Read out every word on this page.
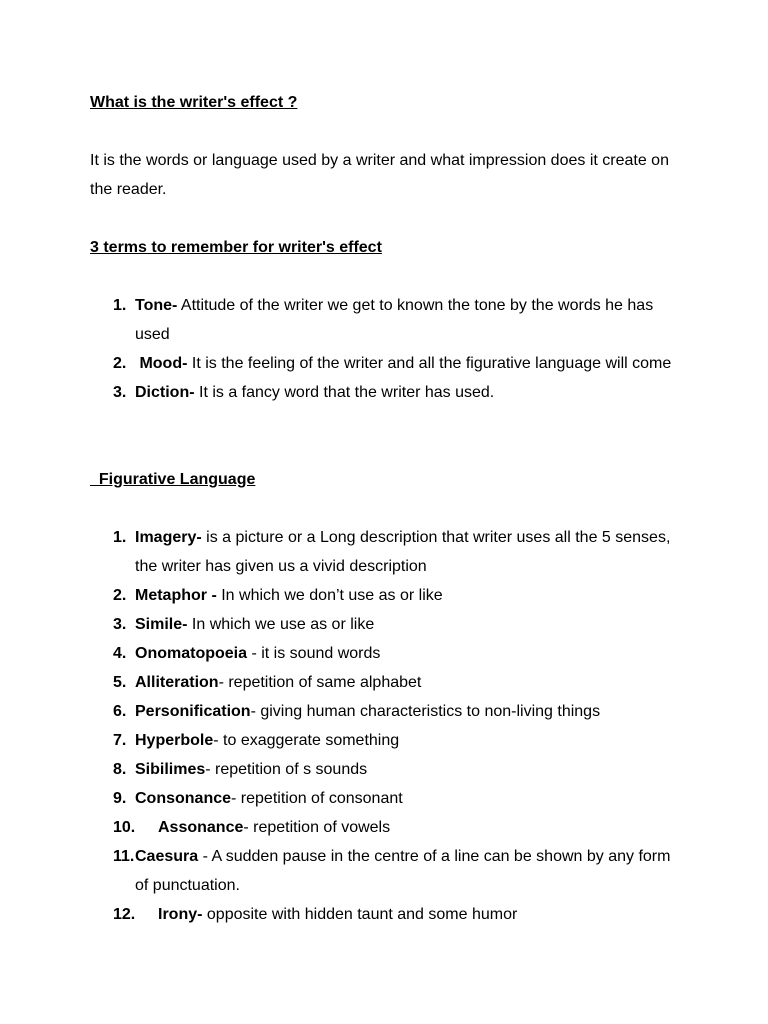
What is the writer's effect ?

It is the words or language used by a writer and what impression does it create on the reader.

3 terms to remember for writer's effect
1. Tone- Attitude of the writer we get to known the tone by the words he has used
2. Mood- It is the feeling of the writer and all the figurative language will come
3. Diction- It is a fancy word that the writer has used.
Figurative Language
1. Imagery- is a picture or a Long description that writer uses all the 5 senses, the writer has given us a vivid description
2. Metaphor - In which we don’t use as or like
3. Simile- In which we use as or like
4. Onomatopoeia - it is sound words
5. Alliteration- repetition of same alphabet
6. Personification- giving human characteristics to non-living things
7. Hyperbole- to exaggerate something
8. Sibilimes- repetition of s sounds
9. Consonance- repetition of consonant
10. Assonance- repetition of vowels
11. Caesura - A sudden pause in the centre of a line can be shown by any form of punctuation.
12. Irony- opposite with hidden taunt and some humor
